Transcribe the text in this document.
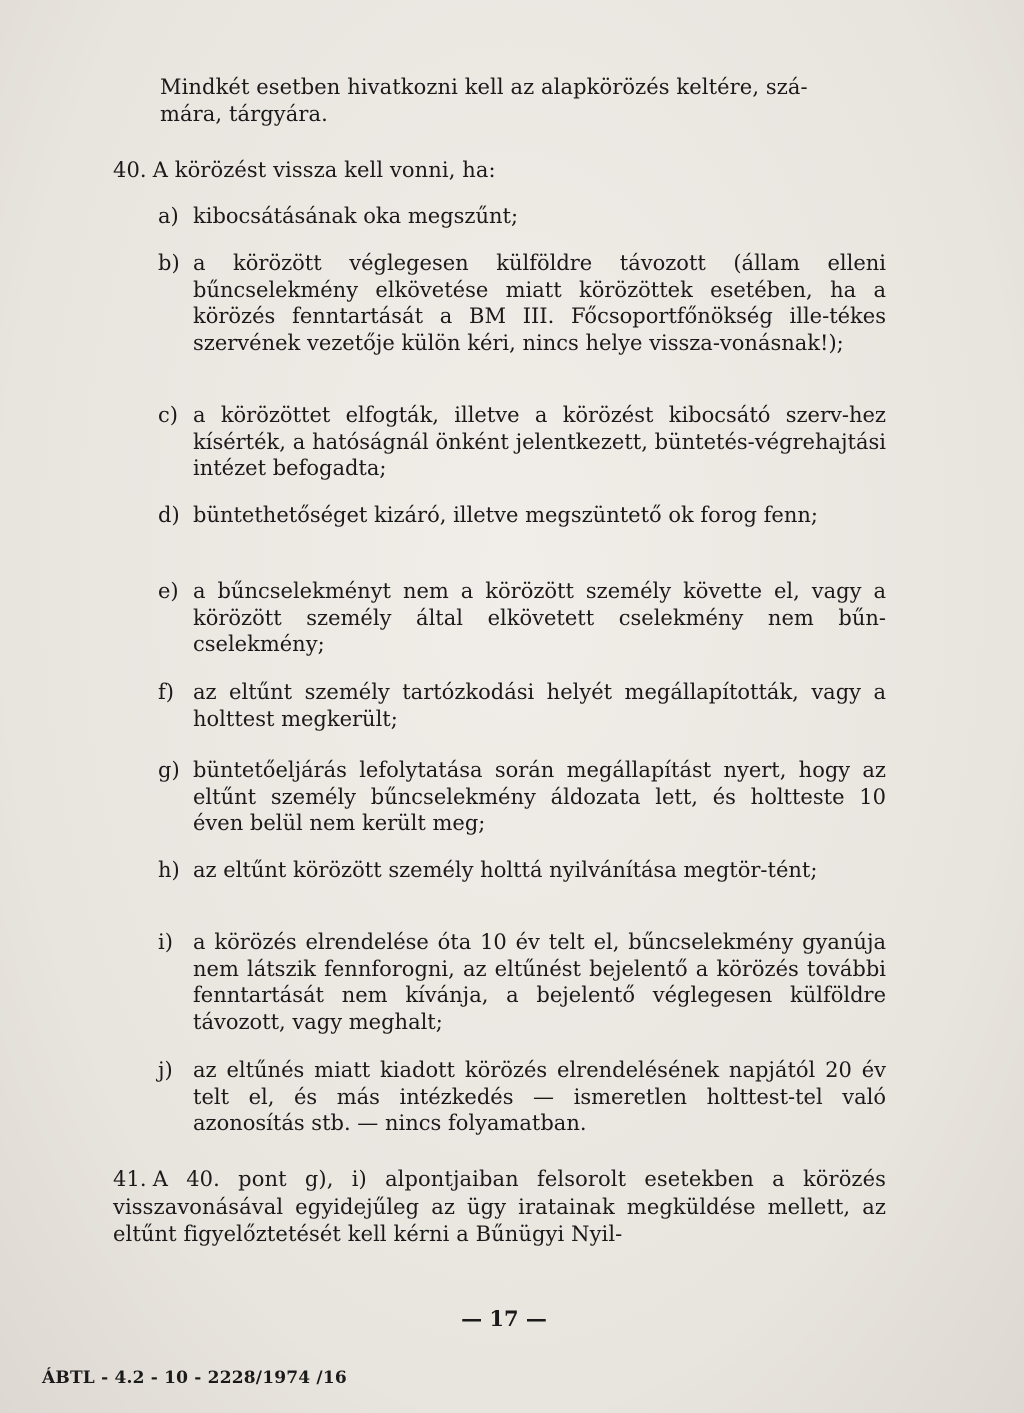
Mindkét esetben hivatkozni kell az alapkörözés keltére, szá-
mára, tárgyára.
40. A körözést vissza kell vonni, ha:
a) kibocsátásának oka megszűnt;
b) a körözött véglegesen külföldre távozott (állam elleni bűncselekmény elkövetése miatt körözöttek esetében, ha a körözés fenntartását a BM III. Főcsoportfőnökség ille-tékes szervének vezetője külön kéri, nincs helye vissza-vonásnak!);
c) a körözöttet elfogták, illetve a körözést kibocsátó szerv-hez kísérték, a hatóságnál önként jelentkezett, büntetés-végrehajtási intézet befogadta;
d) büntethetőséget kizáró, illetve megszüntető ok forog fenn;
e) a bűncselekményt nem a körözött személy követte el, vagy a körözött személy által elkövetett cselekmény nem bűn-cselekmény;
f) az eltűnt személy tartózkodási helyét megállapították, vagy a holttest megkerült;
g) büntetőeljárás lefolytatása során megállapítást nyert, hogy az eltűnt személy bűncselekmény áldozata lett, és holtteste 10 éven belül nem került meg;
h) az eltűnt körözött személy holttá nyilvánítása megtör-tént;
i) a körözés elrendelése óta 10 év telt el, bűncselekmény gyanúja nem látszik fennforogni, az eltűnést bejelentő a körözés további fenntartását nem kívánja, a bejelentő véglegesen külföldre távozott, vagy meghalt;
j) az eltűnés miatt kiadott körözés elrendelésének napjától 20 év telt el, és más intézkedés — ismeretlen holttest-tel való azonosítás stb. — nincs folyamatban.
41. A 40. pont g), i) alpontjaiban felsorolt esetekben a körözés visszavonásával egyidejűleg az ügy iratainak megküldése mellett, az eltűnt figyelőztetését kell kérni a Bűnügyi Nyil-
— 17 —
ÁBTL - 4.2 - 10 - 2228/1974 /16
